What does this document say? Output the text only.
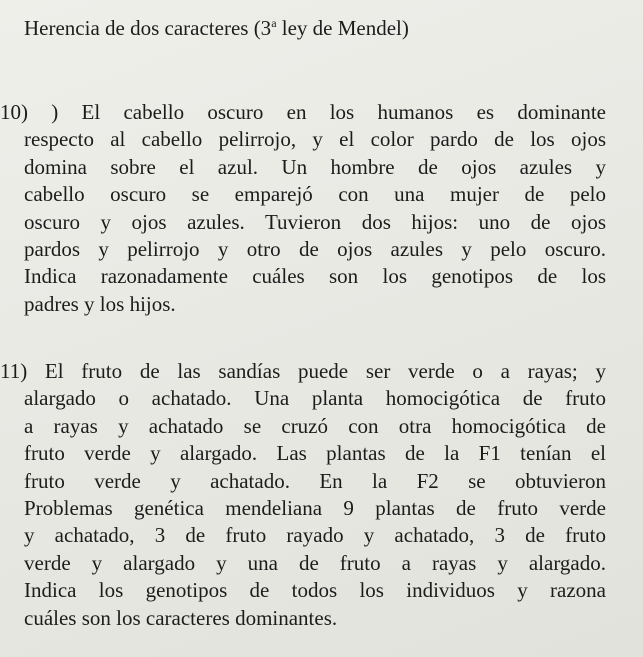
Herencia de dos caracteres (3$^a$ ley de Mendel)
10) ) El cabello oscuro en los humanos es dominante
respecto al cabello pelirrojo, y el color pardo de los ojos
domina sobre el azul. Un hombre de ojos azules y
cabello oscuro se emparejó con una mujer de pelo
oscuro y ojos azules. Tuvieron dos hijos: uno de ojos
pardos y pelirrojo y otro de ojos azules y pelo oscuro.
Indica razonadamente cuáles son los genotipos de los
padres y los hijos.
11) El fruto de las sandías puede ser verde o a rayas; y
alargado o achatado. Una planta homocigótica de fruto
a rayas y achatado se cruzó con otra homocigótica de
fruto verde y alargado. Las plantas de la F1 tenían el
fruto verde y achatado. En la F2 se obtuvieron
Problemas genética mendeliana 9 plantas de fruto verde
y achatado, 3 de fruto rayado y achatado, 3 de fruto
verde y alargado y una de fruto a rayas y alargado.
Indica los genotipos de todos los individuos y razona
cuáles son los caracteres dominantes.
